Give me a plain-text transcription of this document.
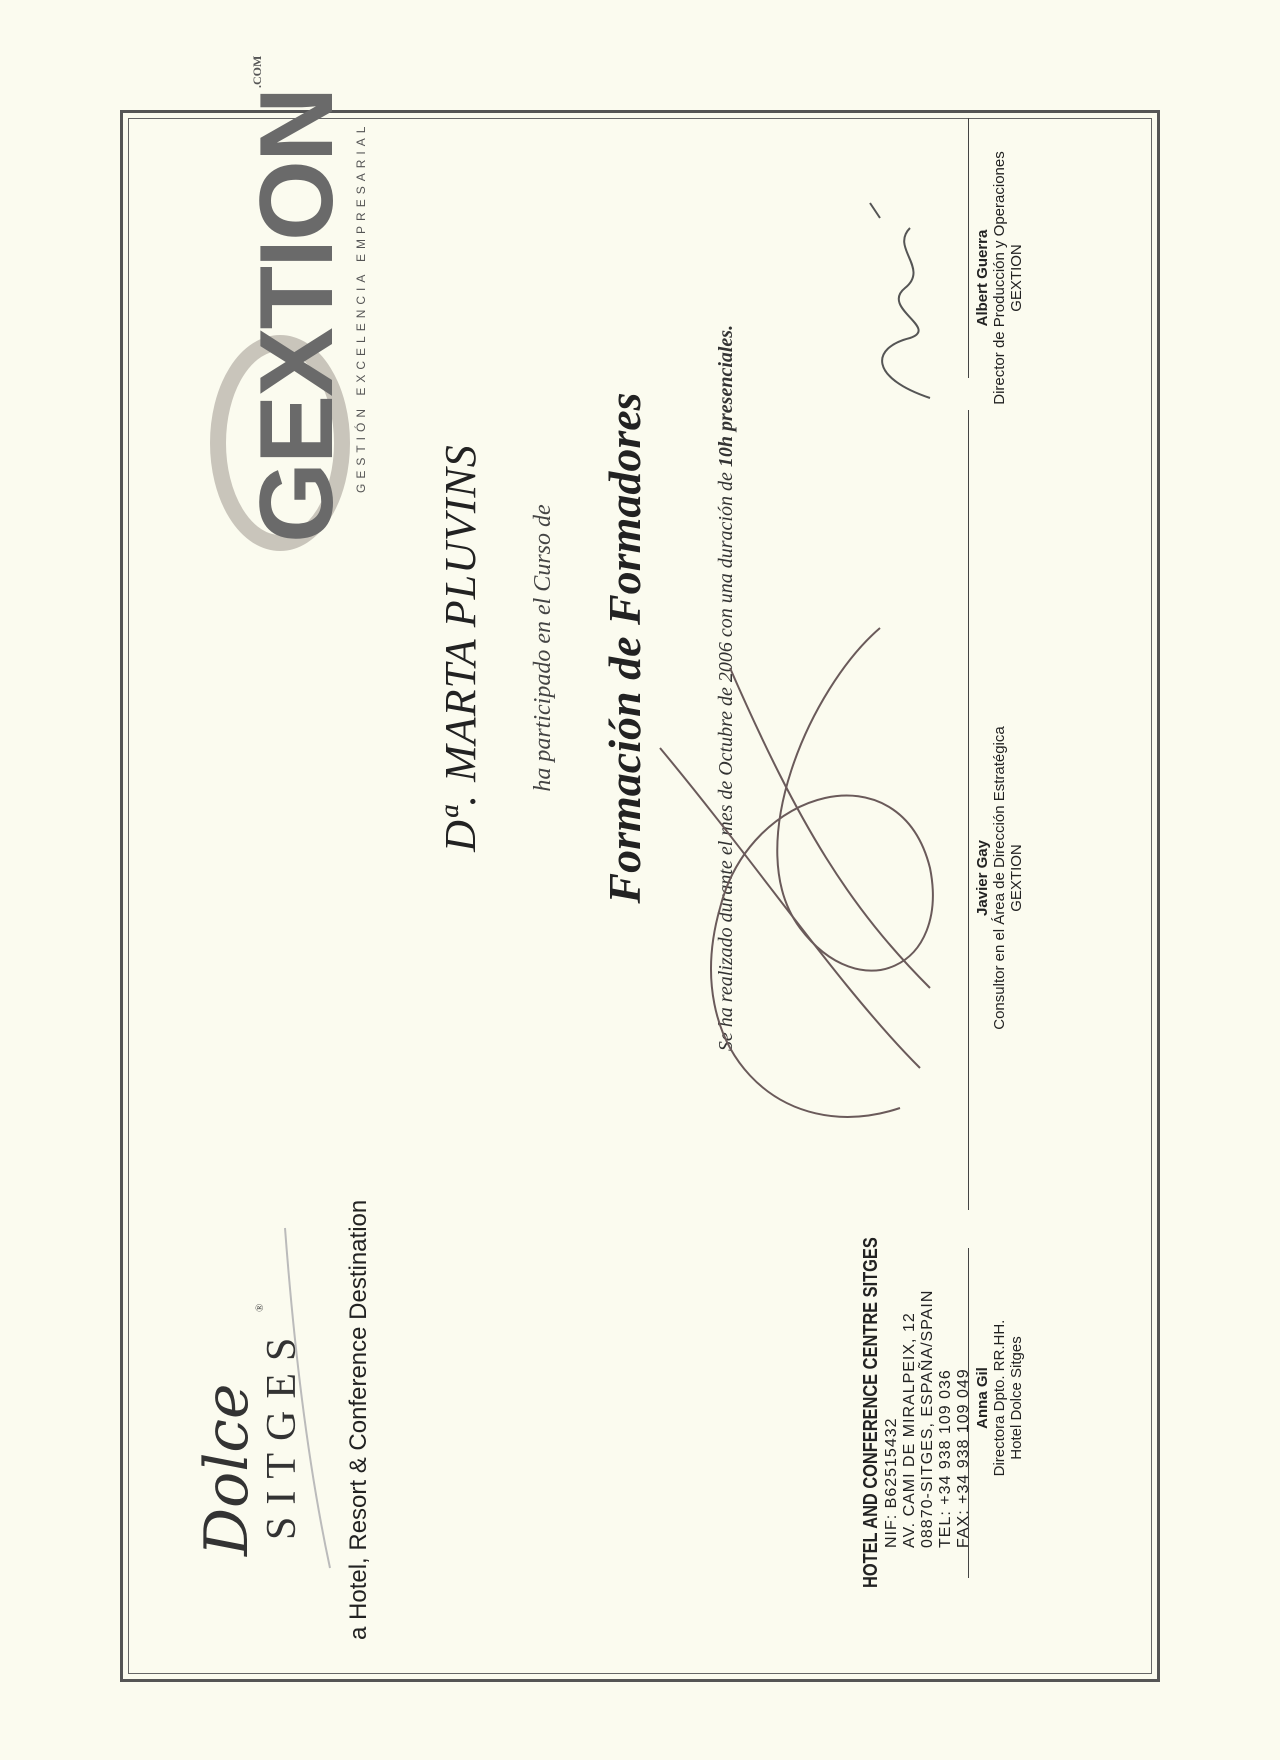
Dolce
SITGES
®	a Hotel, Resort & Conference Destination
GEXTION
.COM
GESTIÓN EXCELENCIA EMPRESARIAL
Dª. MARTA PLUVINS ha participado en el Curso de Formación de Formadores	Se ha realizado durante el mes de Octubre de 2006 con una duración de 10h presenciales.
HOTEL AND CONFERENCE CENTRE SITGES NIF: B62515432 AV. CAMI DE MIRALPEIX, 12 08870-SITGES, ESPAÑA/SPAIN TEL: +34 938 109 036 FAX: +34 938 109 049 Anna Gil Directora Dpto. RR.HH. Hotel Dolce Sitges
Javier Gay Consultor en el Área de Dirección Estratégica GEXTION
Albert Guerra Director de Producción y Operaciones GEXTION
